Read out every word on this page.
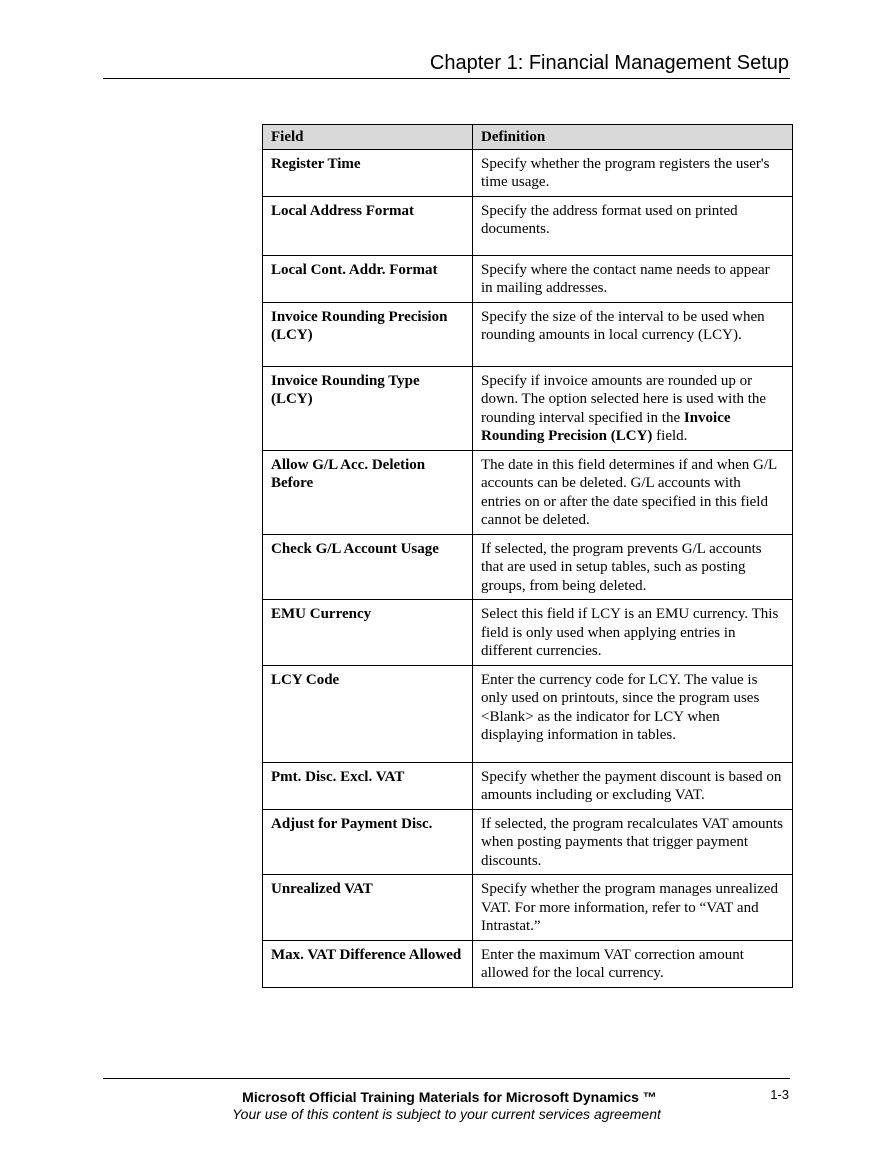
Chapter 1: Financial Management Setup
Field	Definition
Register Time	Specify whether the program registers the user's time usage.
Local Address Format	Specify the address format used on printed documents.
Local Cont. Addr. Format	Specify where the contact name needs to appear in mailing addresses.
Invoice Rounding Precision (LCY)	Specify the size of the interval to be used when rounding amounts in local currency (LCY).
Invoice Rounding Type (LCY)	Specify if invoice amounts are rounded up or down. The option selected here is used with the rounding interval specified in the Invoice Rounding Precision (LCY) field.
Allow G/L Acc. Deletion Before	The date in this field determines if and when G/L accounts can be deleted. G/L accounts with entries on or after the date specified in this field cannot be deleted.
Check G/L Account Usage	If selected, the program prevents G/L accounts that are used in setup tables, such as posting groups, from being deleted.
EMU Currency	Select this field if LCY is an EMU currency. This field is only used when applying entries in different currencies.
LCY Code	Enter the currency code for LCY. The value is only used on printouts, since the program uses <Blank> as the indicator for LCY when displaying information in tables.
Pmt. Disc. Excl. VAT	Specify whether the payment discount is based on amounts including or excluding VAT.
Adjust for Payment Disc.	If selected, the program recalculates VAT amounts when posting payments that trigger payment discounts.
Unrealized VAT	Specify whether the program manages unrealized VAT. For more information, refer to “VAT and Intrastat.”
Max. VAT Difference Allowed	Enter the maximum VAT correction amount allowed for the local currency.
Microsoft Official Training Materials for Microsoft Dynamics ™
Your use of this content is subject to your current services agreement
1-3
